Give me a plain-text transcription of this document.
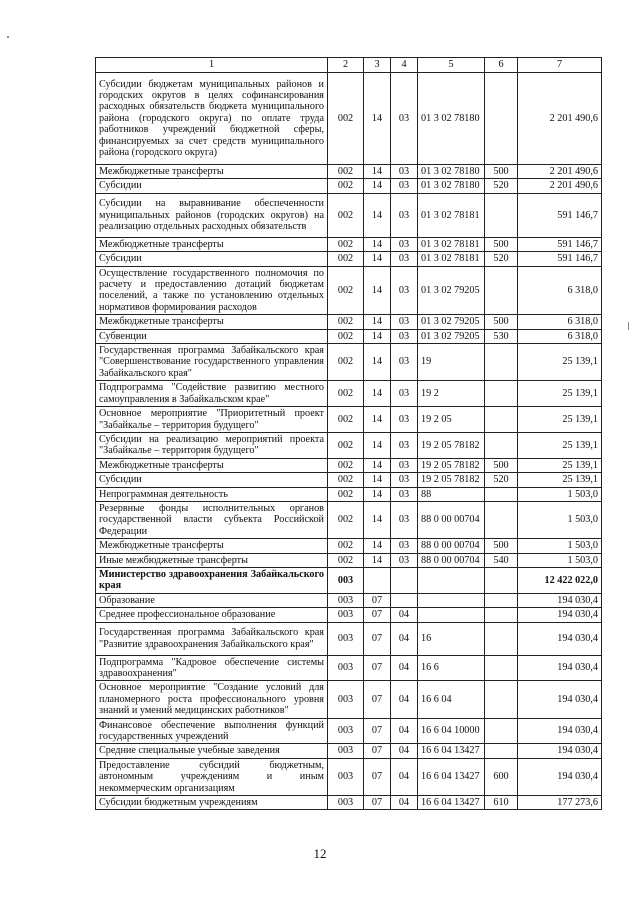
1	2	3	4	5	6	7
Субсидии бюджетам муниципальных районов и городских округов в целях софинансирования расходных обязательств бюджета муниципального района (городского округа) по оплате труда работников учреждений бюджетной сферы, финансируемых за счет средств муниципального района (городского округа)	002	14	03	01 3 02 78180		2 201 490,6
Межбюджетные трансферты	002	14	03	01 3 02 78180	500	2 201 490,6
Субсидии	002	14	03	01 3 02 78180	520	2 201 490,6
Субсидии на выравнивание обеспеченности муниципальных районов (городских округов) на реализацию отдельных расходных обязательств	002	14	03	01 3 02 78181		591 146,7
Межбюджетные трансферты	002	14	03	01 3 02 78181	500	591 146,7
Субсидии	002	14	03	01 3 02 78181	520	591 146,7
Осуществление государственного полномочия по расчету и предоставлению дотаций бюджетам поселений, а также по установлению отдельных нормативов формирования расходов	002	14	03	01 3 02 79205		6 318,0
Межбюджетные трансферты	002	14	03	01 3 02 79205	500	6 318,0
Субвенции	002	14	03	01 3 02 79205	530	6 318,0
Государственная программа Забайкальского края "Совершенствование государственного управления Забайкальского края"	002	14	03	19		25 139,1
Подпрограмма "Содействие развитию местного самоуправления в Забайкальском крае"	002	14	03	19 2		25 139,1
Основное мероприятие "Приоритетный проект "Забайкалье – территория будущего"	002	14	03	19 2 05		25 139,1
Субсидии на реализацию мероприятий проекта "Забайкалье – территория будущего"	002	14	03	19 2 05 78182		25 139,1
Межбюджетные трансферты	002	14	03	19 2 05 78182	500	25 139,1
Субсидии	002	14	03	19 2 05 78182	520	25 139,1
Непрограммная деятельность	002	14	03	88		1 503,0
Резервные фонды исполнительных органов государственной власти субъекта Российской Федерации	002	14	03	88 0 00 00704		1 503,0
Межбюджетные трансферты	002	14	03	88 0 00 00704	500	1 503,0
Иные межбюджетные трансферты	002	14	03	88 0 00 00704	540	1 503,0
Министерство здравоохранения Забайкальского края	003					12 422 022,0
Образование	003	07				194 030,4
Среднее профессиональное образование	003	07	04			194 030,4
Государственная программа Забайкальского края "Развитие здравоохранения Забайкальского края"	003	07	04	16		194 030,4
Подпрограмма "Кадровое обеспечение системы здравоохранения"	003	07	04	16 6		194 030,4
Основное мероприятие "Создание условий для планомерного роста профессионального уровня знаний и умений медицинских работников"	003	07	04	16 6 04		194 030,4
Финансовое обеспечение выполнения функций государственных учреждений	003	07	04	16 6 04 10000		194 030,4
Средние специальные учебные заведения	003	07	04	16 6 04 13427		194 030,4
Предоставление субсидий бюджетным, автономным учреждениям и иным некоммерческим организациям	003	07	04	16 6 04 13427	600	194 030,4
Субсидии бюджетным учреждениям	003	07	04	16 6 04 13427	610	177 273,6
12
